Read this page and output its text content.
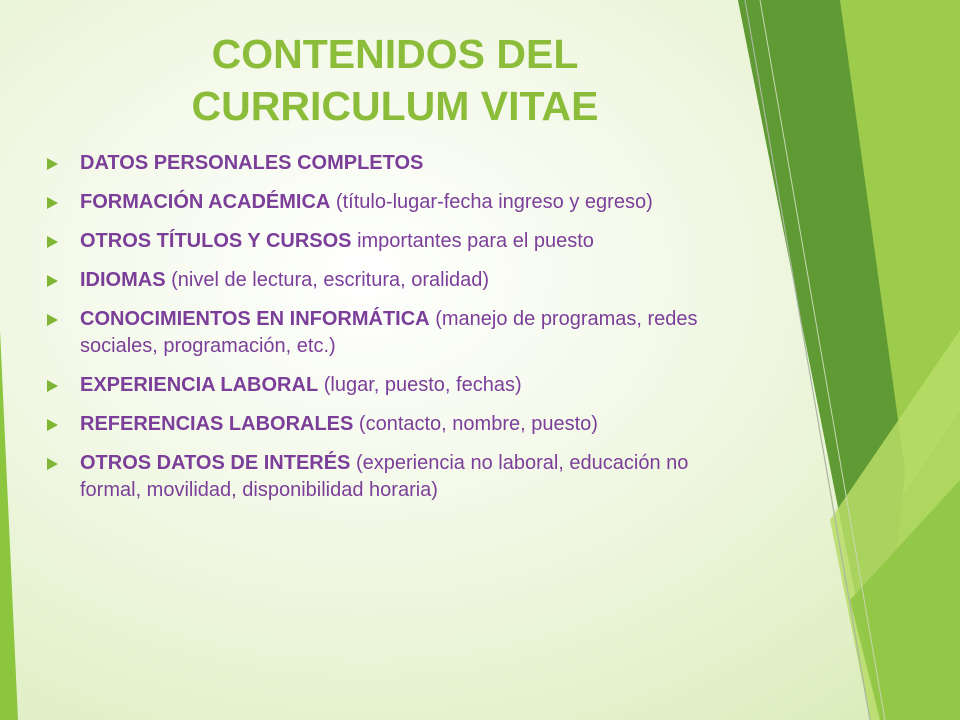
CONTENIDOS DEL
CURRICULUM VITAE
DATOS PERSONALES COMPLETOS
FORMACIÓN ACADÉMICA (título-lugar-fecha ingreso y egreso)
OTROS TÍTULOS Y CURSOS importantes para el puesto
IDIOMAS (nivel de lectura, escritura, oralidad)
CONOCIMIENTOS EN INFORMÁTICA (manejo de programas, redes sociales, programación, etc.)
EXPERIENCIA LABORAL (lugar, puesto, fechas)
REFERENCIAS LABORALES (contacto, nombre, puesto)
OTROS DATOS DE INTERÉS (experiencia no laboral, educación no formal, movilidad, disponibilidad horaria)
